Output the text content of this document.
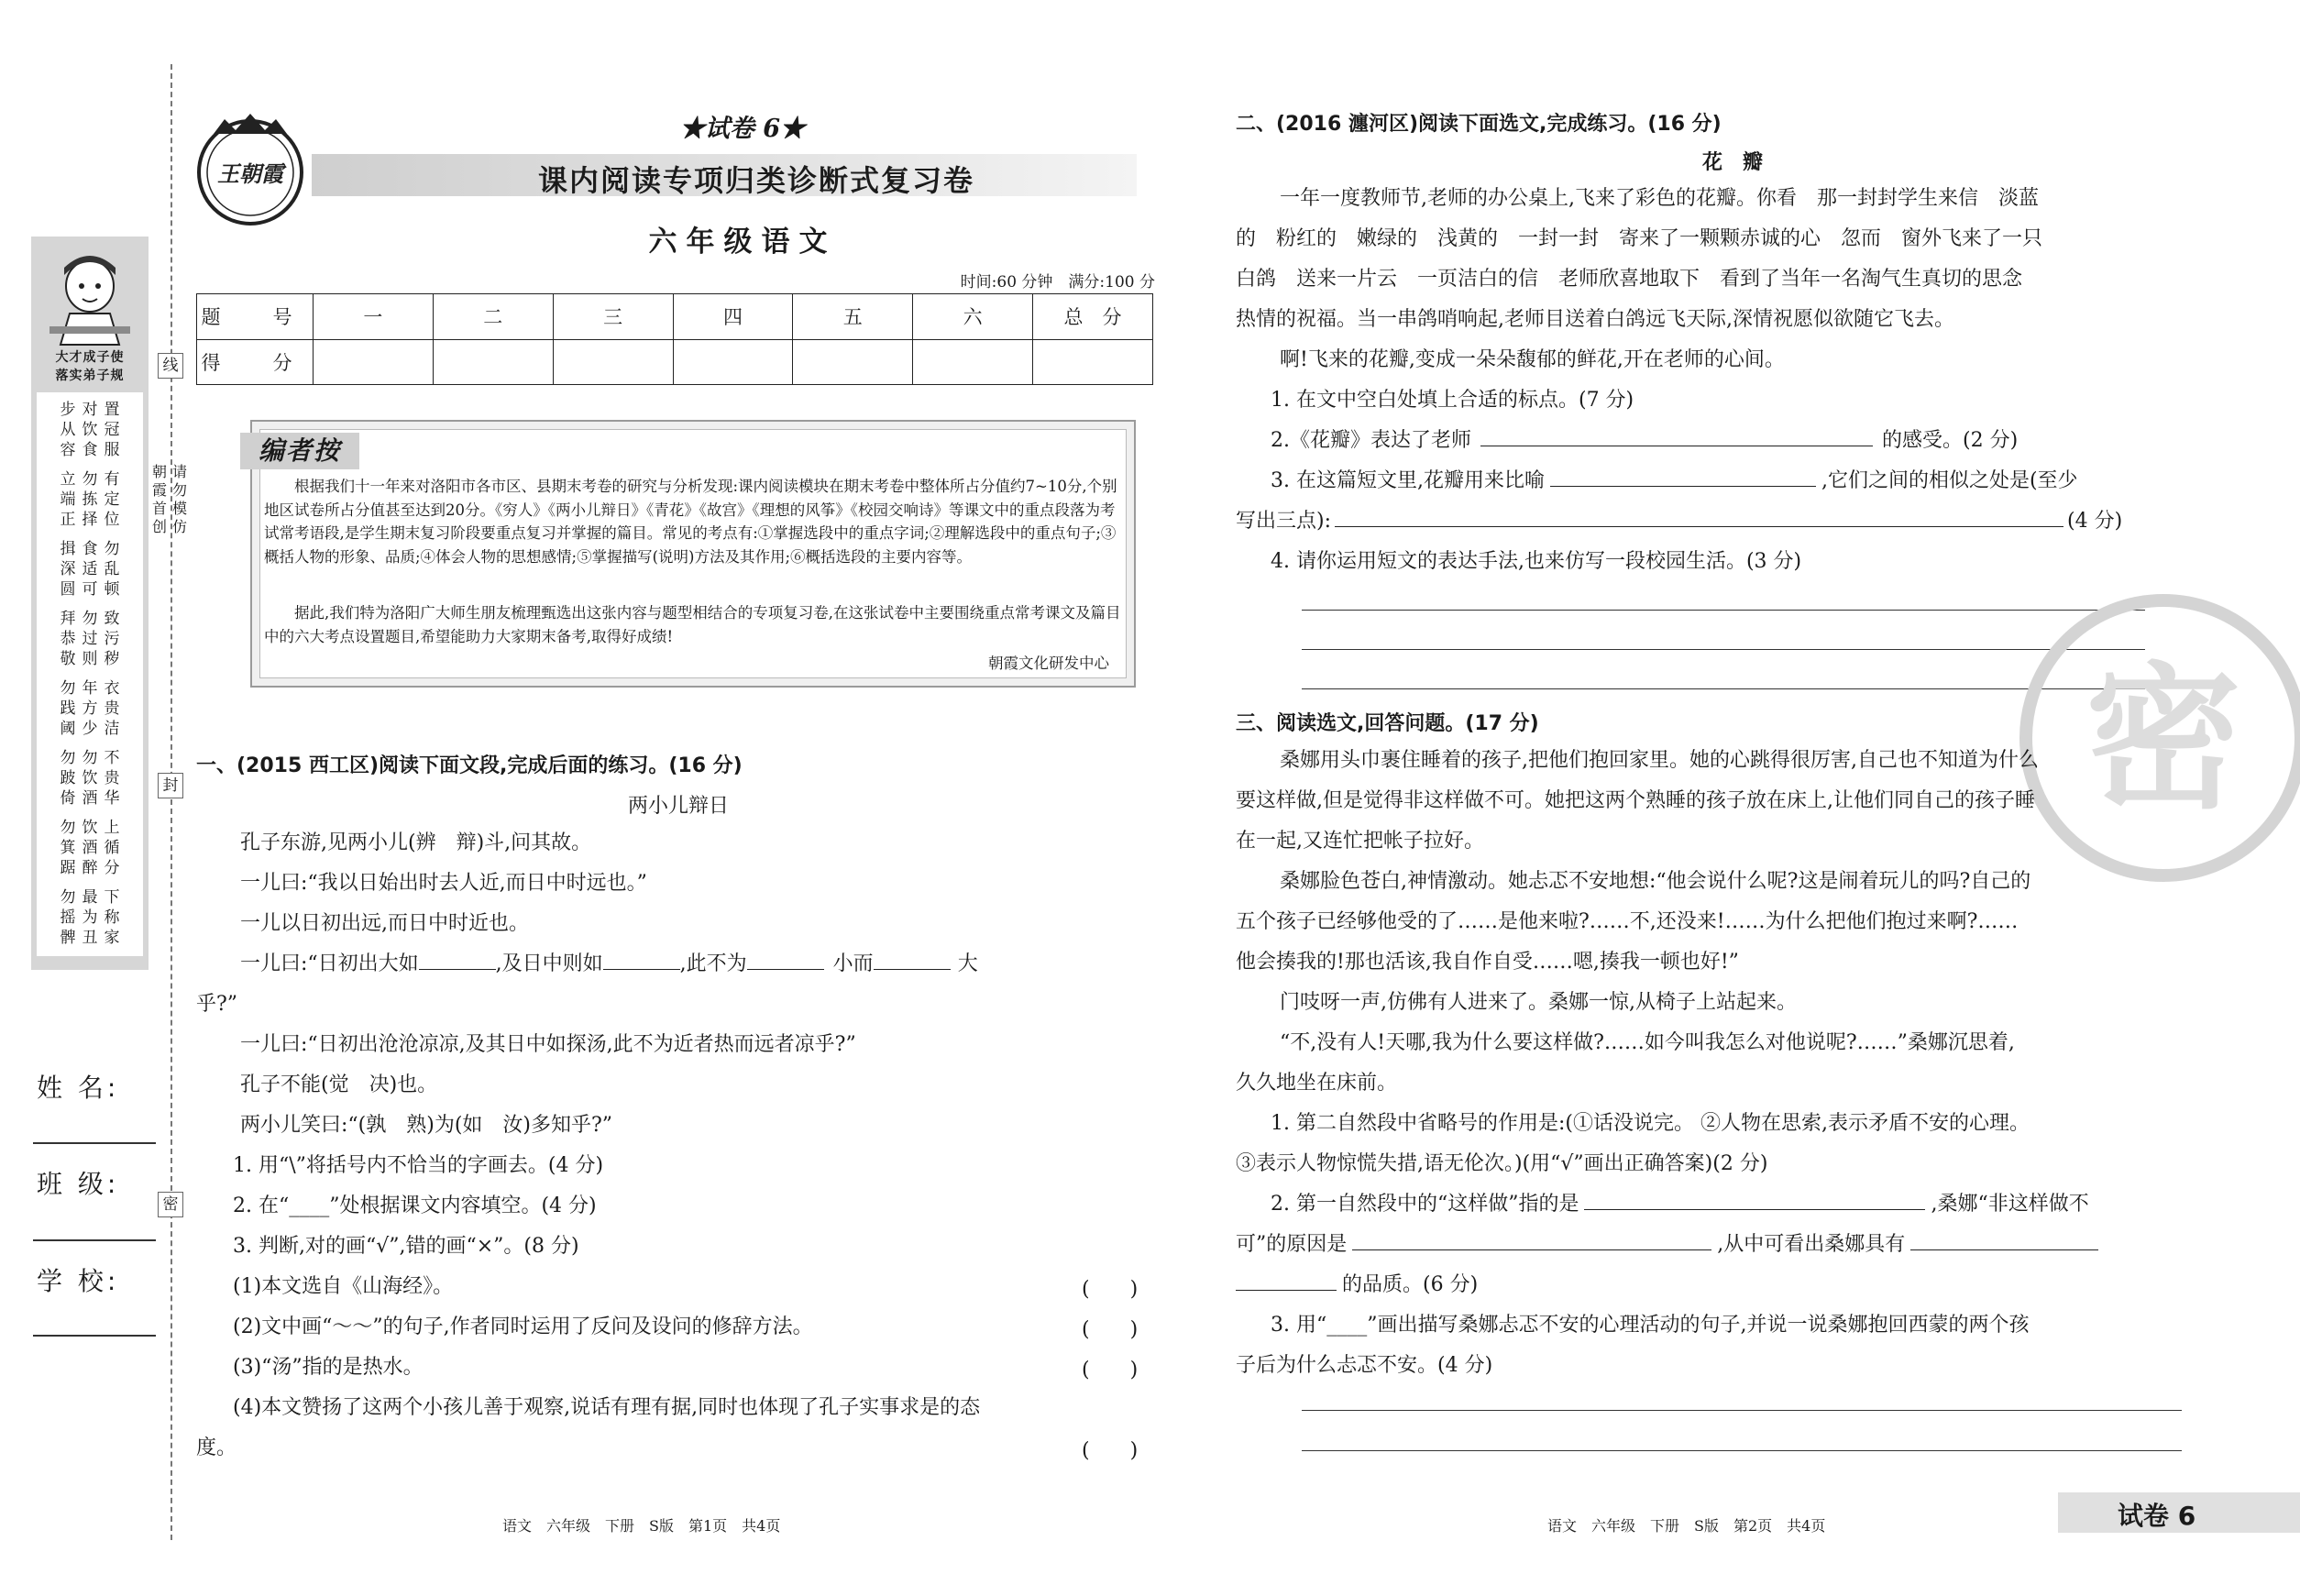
线
封
密
大才成子使
落实弟子规
步从容
对饮食
置冠服
立端正
勿拣择
有定位
揖深圆
食适可
勿乱顿
拜恭敬
勿过则
致污秽
勿践阈
年方少
衣贵洁
勿跛倚
勿饮酒
不贵华
勿箕踞
饮酒醉
上循分
勿摇髀
最为丑
下称家
朝霞首创
请勿模仿
姓 名:
班 级:
学 校:
王朝霞
★试卷 6★
课内阅读专项归类诊断式复习卷
六年级语文
时间:60 分钟　满分:100 分
题　号	一	二	三	四	五	六	总　分
得　分							
编者按
根据我们十一年来对洛阳市各市区、县期末考卷的研究与分析发现:课内阅读模块在期末考卷中整体所占分值约7~10分,个别地区试卷所占分值甚至达到20分。《穷人》《两小儿辩日》《青花》《故宫》《理想的风筝》《校园交响诗》等课文中的重点段落为考试常考语段,是学生期末复习阶段要重点复习并掌握的篇目。常见的考点有:①掌握选段中的重点字词;②理解选段中的重点句子;③概括人物的形象、品质;④体会人物的思想感情;⑤掌握描写(说明)方法及其作用;⑥概括选段的主要内容等。
据此,我们特为洛阳广大师生朋友梳理甄选出这张内容与题型相结合的专项复习卷,在这张试卷中主要围绕重点常考课文及篇目中的六大考点设置题目,希望能助力大家期末备考,取得好成绩!
朝霞文化研发中心
一、(2015 西工区)阅读下面文段,完成后面的练习。(16 分)
两小儿辩日
孔子东游,见两小儿(辨　辩)斗,问其故。
一儿曰:“我以日始出时去人近,而日中时远也。”
一儿以日初出远,而日中时近也。
一儿曰:“日初出大如	,及日中则如	,此不为	小而	大
乎?”
一儿曰:“日初出沧沧凉凉,及其日中如探汤,此不为近者热而远者凉乎?”
孔子不能(觉　决)也。
两小儿笑曰:“(孰　熟)为(如　汝)多知乎?”
1. 用“\”将括号内不恰当的字画去。(4 分)
2. 在“____”处根据课文内容填空。(4 分)
3. 判断,对的画“√”,错的画“×”。(8 分)
(1)本文选自《山海经》。	(　　)
(2)文中画“～～”的句子,作者同时运用了反问及设问的修辞方法。	(　　)
(3)“汤”指的是热水。	(　　)
(4)本文赞扬了这两个小孩儿善于观察,说话有理有据,同时也体现了孔子实事求是的态
度。	(　　)
语文　六年级　下册　S版　第1页　共4页
二、(2016 瀍河区)阅读下面选文,完成练习。(16 分)
花　瓣
一年一度教师节,老师的办公桌上,飞来了彩色的花瓣。你看　那一封封学生来信　淡蓝
的　粉红的　嫩绿的　浅黄的　一封一封　寄来了一颗颗赤诚的心　忽而　窗外飞来了一只
白鸽　送来一片云　一页洁白的信　老师欣喜地取下　看到了当年一名淘气生真切的思念
热情的祝福。当一串鸽哨响起,老师目送着白鸽远飞天际,深情祝愿似欲随它飞去。
啊!飞来的花瓣,变成一朵朵馥郁的鲜花,开在老师的心间。
1. 在文中空白处填上合适的标点。(7 分)
2.《花瓣》表达了老师	的感受。(2 分)
3. 在这篇短文里,花瓣用来比喻	,它们之间的相似之处是(至少
写出三点):	(4 分)
4. 请你运用短文的表达手法,也来仿写一段校园生活。(3 分)
密
三、阅读选文,回答问题。(17 分)
桑娜用头巾裹住睡着的孩子,把他们抱回家里。她的心跳得很厉害,自己也不知道为什么
要这样做,但是觉得非这样做不可。她把这两个熟睡的孩子放在床上,让他们同自己的孩子睡
在一起,又连忙把帐子拉好。
桑娜脸色苍白,神情激动。她忐忑不安地想:“他会说什么呢?这是闹着玩儿的吗?自己的
五个孩子已经够他受的了……是他来啦?……不,还没来!……为什么把他们抱过来啊?……
他会揍我的!那也活该,我自作自受……嗯,揍我一顿也好!”
门吱呀一声,仿佛有人进来了。桑娜一惊,从椅子上站起来。
“不,没有人!天哪,我为什么要这样做?……如今叫我怎么对他说呢?……”桑娜沉思着,
久久地坐在床前。
1. 第二自然段中省略号的作用是:(①话没说完。 ②人物在思索,表示矛盾不安的心理。
③表示人物惊慌失措,语无伦次。)(用“√”画出正确答案)(2 分)
2. 第一自然段中的“这样做”指的是	,桑娜“非这样做不
可”的原因是	,从中可看出桑娜具有
的品质。(6 分)
3. 用“____”画出描写桑娜忐忑不安的心理活动的句子,并说一说桑娜抱回西蒙的两个孩
子后为什么忐忑不安。(4 分)
语文　六年级　下册　S版　第2页　共4页	试卷 6
